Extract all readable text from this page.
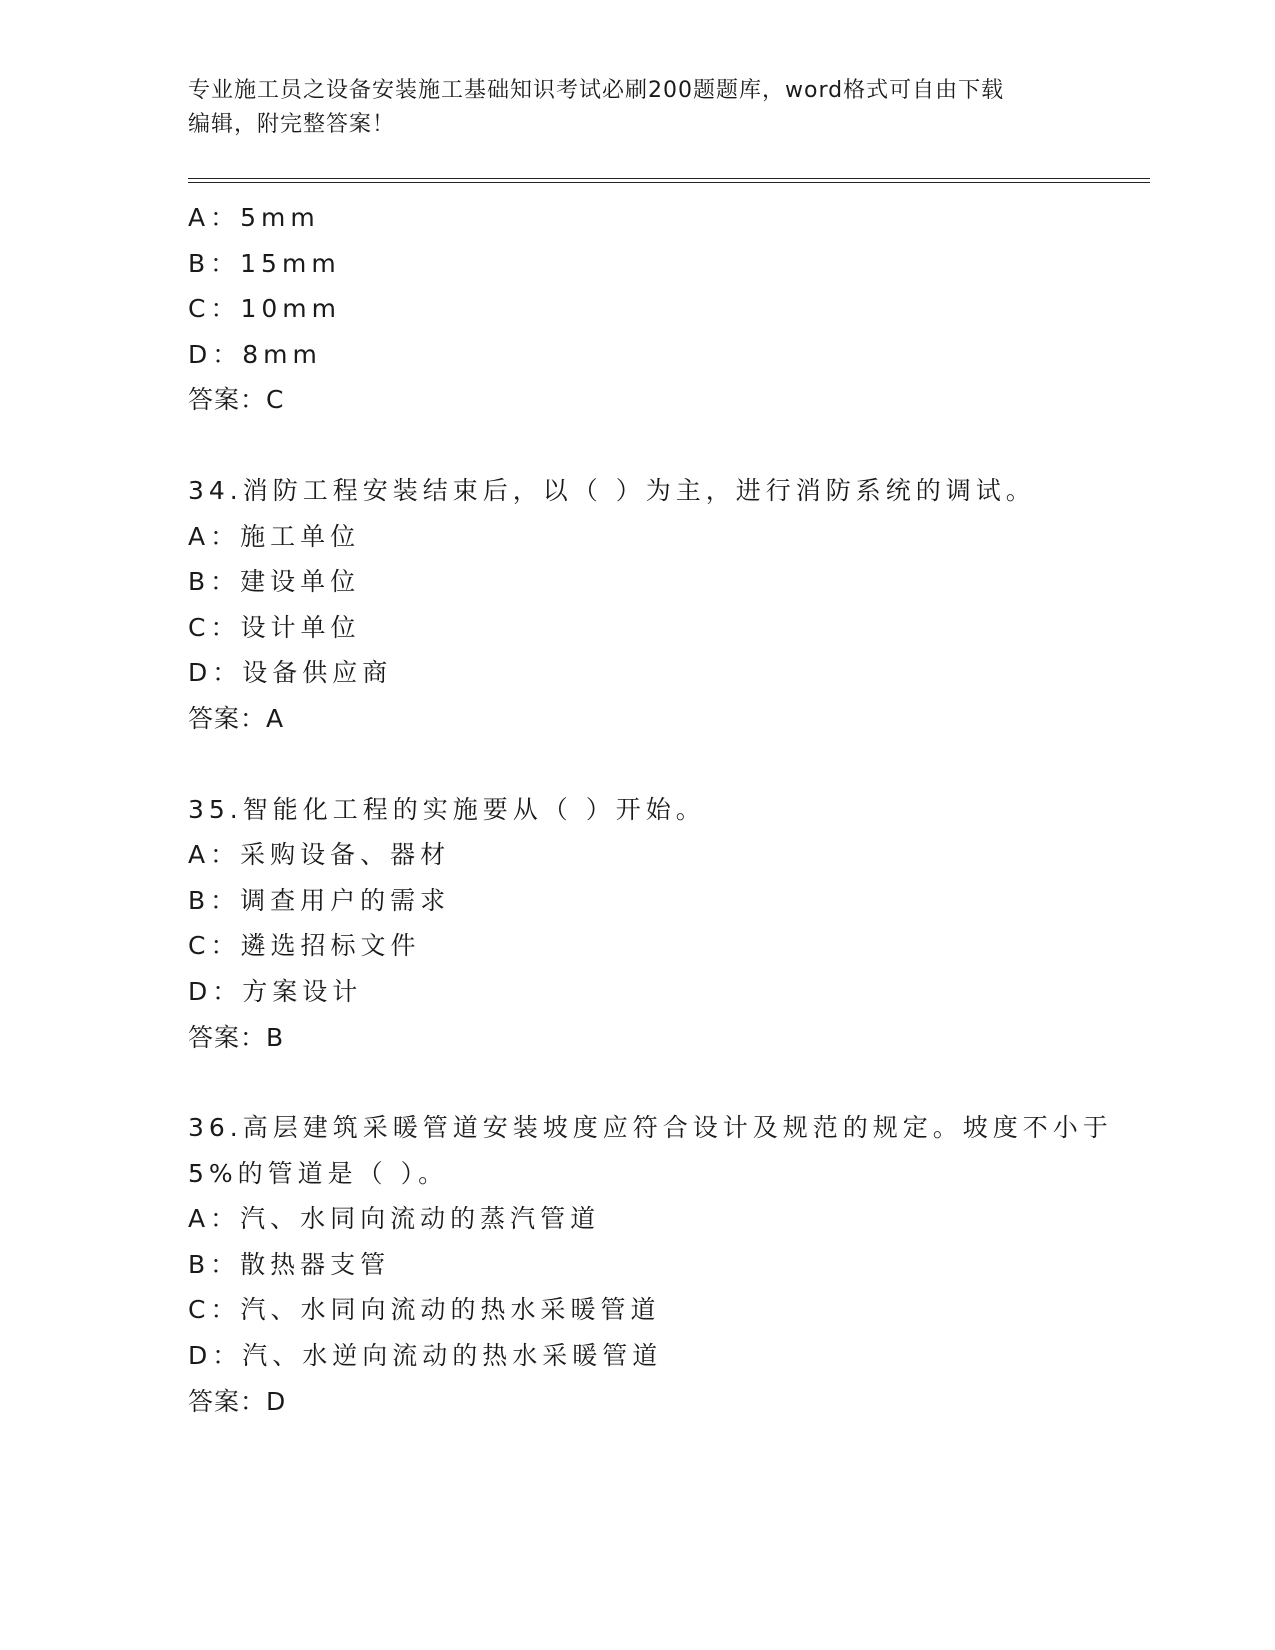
专业施工员之设备安装施工基础知识考试必刷200题题库，word格式可自由下载
编辑，附完整答案！
A：5mm
B：15mm
C：10mm
D：8mm
答案：C
34.消防工程安装结束后，以（ ）为主，进行消防系统的调试。
A：施工单位
B：建设单位
C：设计单位
D：设备供应商
答案：A
35.智能化工程的实施要从（ ）开始。
A：采购设备、器材
B：调查用户的需求
C：遴选招标文件
D：方案设计
答案：B
36.高层建筑采暖管道安装坡度应符合设计及规范的规定。坡度不小于
5%的管道是（ ）。
A：汽、水同向流动的蒸汽管道
B：散热器支管
C：汽、水同向流动的热水采暖管道
D：汽、水逆向流动的热水采暖管道
答案：D
